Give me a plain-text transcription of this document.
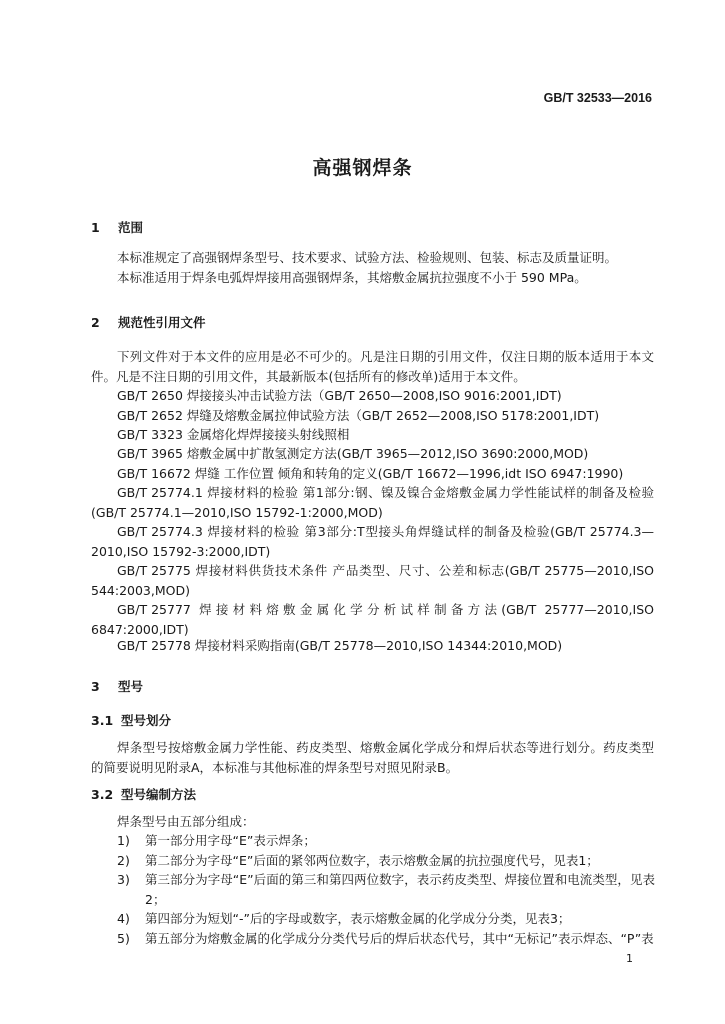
GB/T 32533—2016
高强钢焊条
1 范围
本标准规定了高强钢焊条型号、技术要求、试验方法、检验规则、包装、标志及质量证明。
本标准适用于焊条电弧焊焊接用高强钢焊条，其熔敷金属抗拉强度不小于 590 MPa。
2 规范性引用文件
下列文件对于本文件的应用是必不可少的。凡是注日期的引用文件，仅注日期的版本适用于本文件。凡是不注日期的引用文件，其最新版本(包括所有的修改单)适用于本文件。
GB/T 2650 焊接接头冲击试验方法（GB/T 2650—2008,ISO 9016:2001,IDT)
GB/T 2652 焊缝及熔敷金属拉伸试验方法（GB/T 2652—2008,ISO 5178:2001,IDT)
GB/T 3323 金属熔化焊焊接接头射线照相
GB/T 3965 熔敷金属中扩散氢测定方法(GB/T 3965—2012,ISO 3690:2000,MOD)
GB/T 16672 焊缝 工作位置 倾角和转角的定义(GB/T 16672—1996,idt ISO 6947:1990)
GB/T 25774.1 焊接材料的检验 第1部分:钢、镍及镍合金熔敷金属力学性能试样的制备及检验(GB/T 25774.1—2010,ISO 15792-1:2000,MOD)
GB/T 25774.3 焊接材料的检验 第3部分:T型接头角焊缝试样的制备及检验(GB/T 25774.3—2010,ISO 15792-3:2000,IDT)
GB/T 25775 焊接材料供货技术条件 产品类型、尺寸、公差和标志(GB/T 25775—2010,ISO 544:2003,MOD)
GB/T 25777 焊接材料熔敷金属化学分析试样制备方法(GB/T 25777—2010,ISO 6847:2000,IDT)
GB/T 25778 焊接材料采购指南(GB/T 25778—2010,ISO 14344:2010,MOD)
3 型号
3.1 型号划分
焊条型号按熔敷金属力学性能、药皮类型、熔敷金属化学成分和焊后状态等进行划分。药皮类型的简要说明见附录A，本标准与其他标准的焊条型号对照见附录B。
3.2 型号编制方法
焊条型号由五部分组成：
1) 第一部分用字母“E”表示焊条；
2) 第二部分为字母“E”后面的紧邻两位数字，表示熔敷金属的抗拉强度代号，见表1；
3) 第三部分为字母“E”后面的第三和第四两位数字，表示药皮类型、焊接位置和电流类型，见表2；
4) 第四部分为短划“-”后的字母或数字，表示熔敷金属的化学成分分类，见表3；
5) 第五部分为熔敷金属的化学成分分类代号后的焊后状态代号，其中“无标记”表示焊态、“P”表
1
